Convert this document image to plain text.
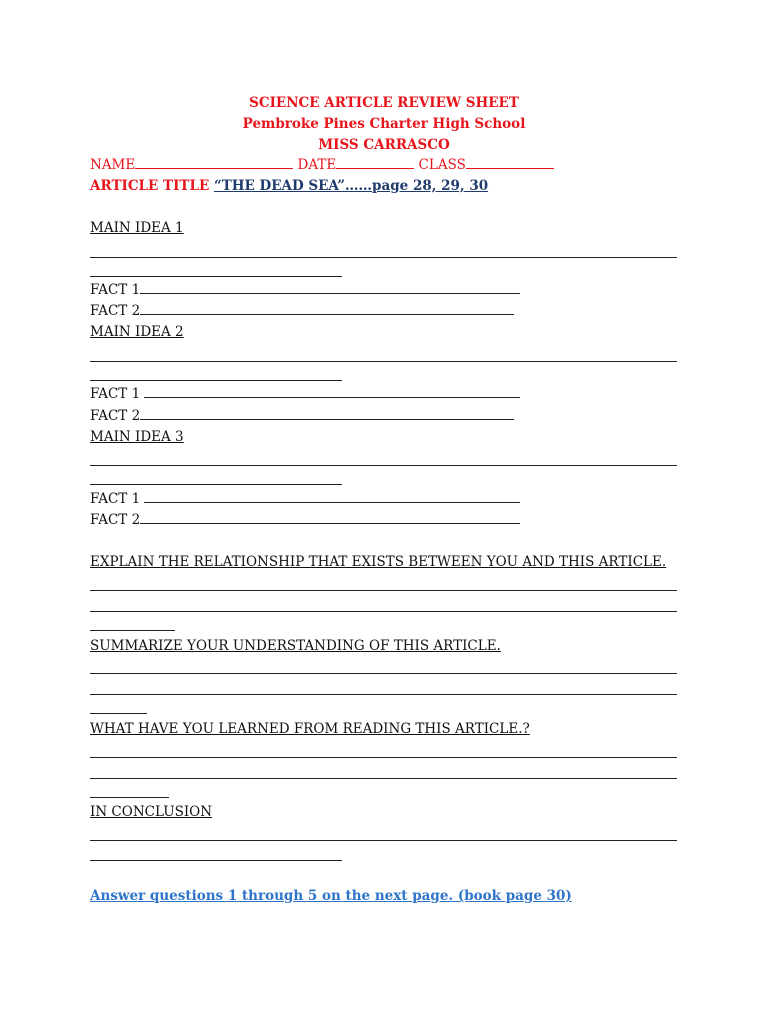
SCIENCE ARTICLE REVIEW SHEET
Pembroke Pines Charter High School
MISS CARRASCO
NAME	DATE	CLASS
ARTICLE TITLE “THE DEAD SEA”……page 28, 29, 30
MAIN IDEA 1
FACT 1
FACT 2
MAIN IDEA 2
FACT 1
FACT 2
MAIN IDEA 3
FACT 1
FACT 2
EXPLAIN THE RELATIONSHIP THAT EXISTS BETWEEN YOU AND THIS ARTICLE.
SUMMARIZE YOUR UNDERSTANDING OF THIS ARTICLE.
WHAT HAVE YOU LEARNED FROM READING THIS ARTICLE.?
IN CONCLUSION
Answer questions 1 through 5 on the next page. (book page 30)
